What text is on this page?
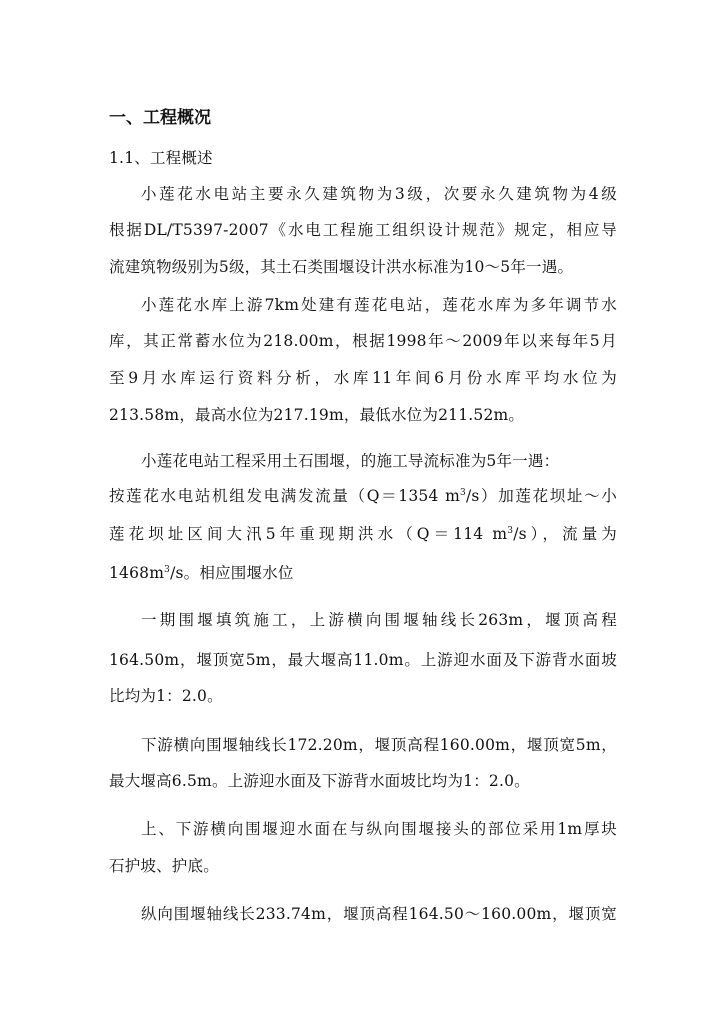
一、工程概况
1.1、工程概述
小莲花水电站主要永久建筑物为3级，次要永久建筑物为4级
根据DL/T5397-2007《水电工程施工组织设计规范》规定，相应导
流建筑物级别为5级，其土石类围堰设计洪水标准为10～5年一遇。
小莲花水库上游7km处建有莲花电站，莲花水库为多年调节水
库，其正常蓄水位为218.00m，根据1998年～2009年以来每年5月
至9月水库运行资料分析，水库11年间6月份水库平均水位为
213.58m，最高水位为217.19m，最低水位为211.52m。
小莲花电站工程采用土石围堰，的施工导流标准为5年一遇：
按莲花水电站机组发电满发流量（Q＝1354 $m^3/s$）加莲花坝址～小
莲花坝址区间大汛5年重现期洪水（Q＝114 $m^3/s$），流量为
$1468m^3/s$。相应围堰水位
一期围堰填筑施工，上游横向围堰轴线长263m，堰顶高程
164.50m，堰顶宽5m，最大堰高11.0m。上游迎水面及下游背水面坡
比均为1：2.0。
下游横向围堰轴线长172.20m，堰顶高程160.00m，堰顶宽5m，
最大堰高6.5m。上游迎水面及下游背水面坡比均为1：2.0。
上、下游横向围堰迎水面在与纵向围堰接头的部位采用1m厚块
石护坡、护底。
纵向围堰轴线长233.74m，堰顶高程164.50～160.00m，堰顶宽
